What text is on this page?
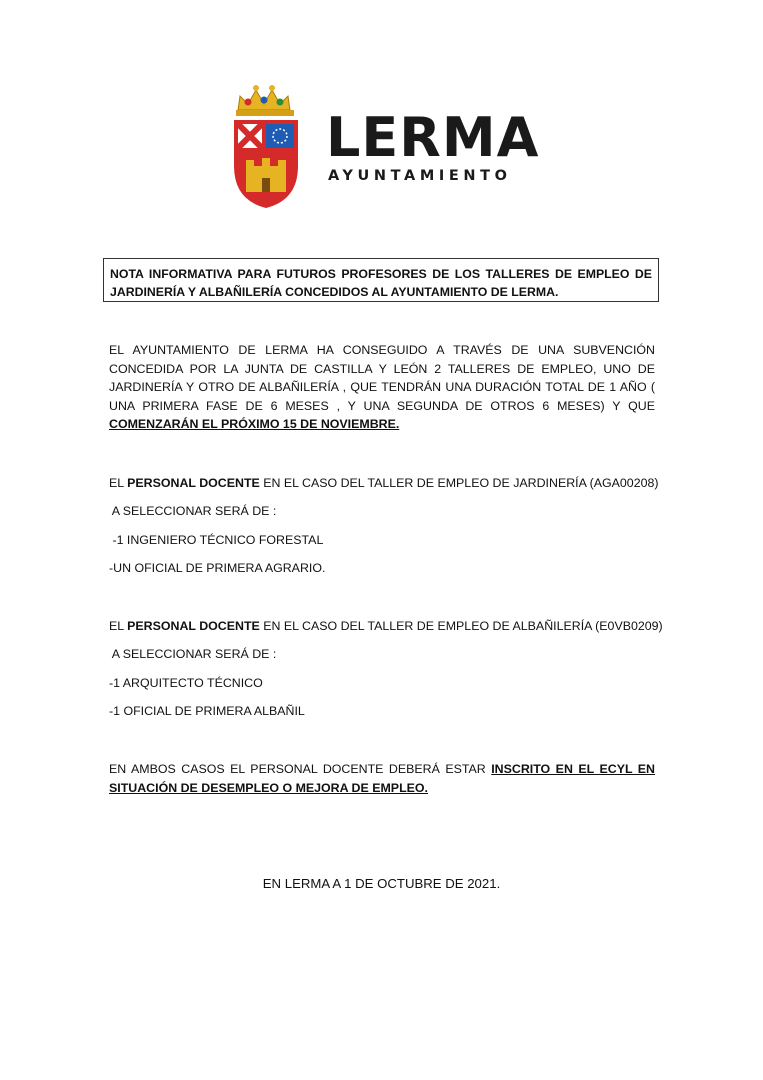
LERMA
AYUNTAMIENTO
NOTA INFORMATIVA PARA FUTUROS PROFESORES DE LOS TALLERES DE EMPLEO DE JARDINERÍA Y ALBAÑILERÍA CONCEDIDOS AL AYUNTAMIENTO DE LERMA.
EL AYUNTAMIENTO DE LERMA HA CONSEGUIDO A TRAVÉS DE UNA SUBVENCIÓN CONCEDIDA POR LA JUNTA DE CASTILLA Y LEÓN 2 TALLERES DE EMPLEO, UNO DE JARDINERÍA Y OTRO DE ALBAÑILERÍA , QUE TENDRÁN UNA DURACIÓN TOTAL DE 1 AÑO ( UNA PRIMERA FASE DE 6 MESES , Y UNA SEGUNDA DE OTROS 6 MESES) Y QUE COMENZARÁN EL PRÓXIMO 15 DE NOVIEMBRE.
EL PERSONAL DOCENTE EN EL CASO DEL TALLER DE EMPLEO DE JARDINERÍA (AGA00208)
A SELECCIONAR SERÁ DE :
-1 INGENIERO TÉCNICO FORESTAL
-UN OFICIAL DE PRIMERA AGRARIO.
EL PERSONAL DOCENTE EN EL CASO DEL TALLER DE EMPLEO DE ALBAÑILERÍA (E0VB0209)
A SELECCIONAR SERÁ DE :
-1 ARQUITECTO TÉCNICO
-1 OFICIAL DE PRIMERA ALBAÑIL
EN AMBOS CASOS EL PERSONAL DOCENTE DEBERÁ ESTAR INSCRITO EN EL ECYL EN SITUACIÓN DE DESEMPLEO O MEJORA DE EMPLEO.
EN LERMA A 1 DE OCTUBRE DE 2021.
